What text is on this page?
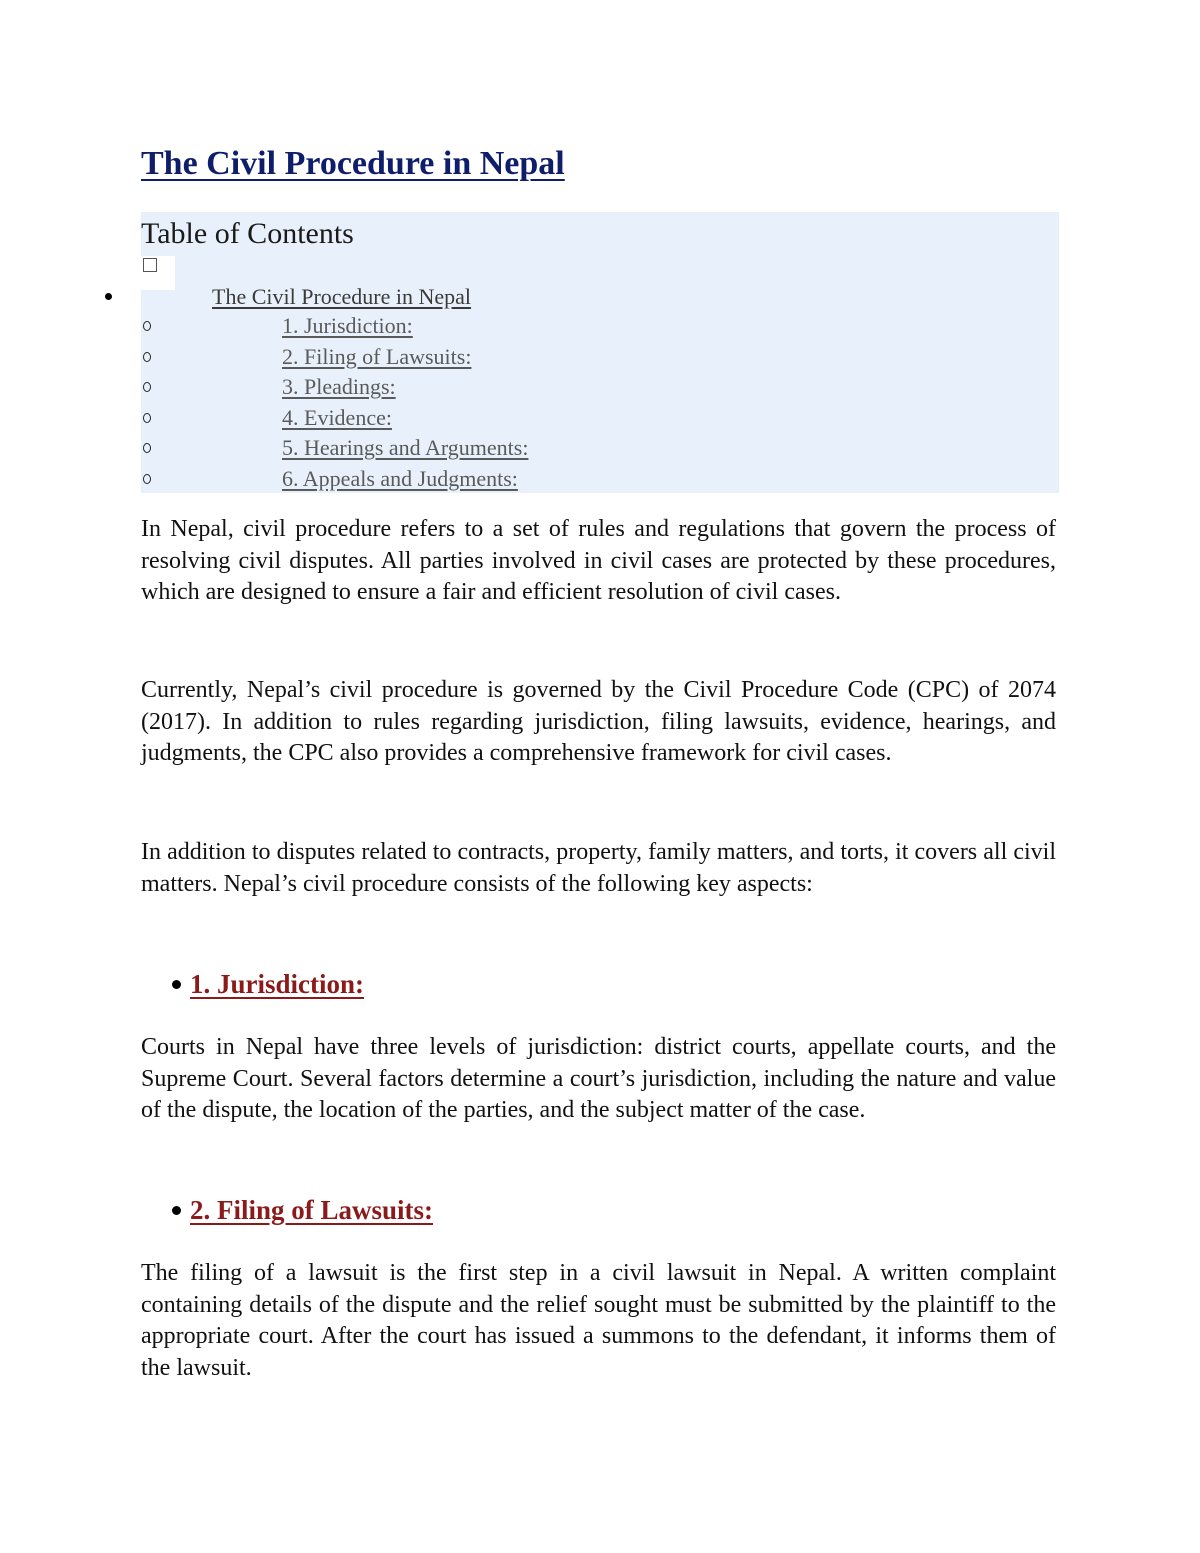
The Civil Procedure in Nepal
Table of Contents
The Civil Procedure in Nepal
1. Jurisdiction:
2. Filing of Lawsuits:
3. Pleadings:
4. Evidence:
5. Hearings and Arguments:
6. Appeals and Judgments:

In Nepal, civil procedure refers to a set of rules and regulations that govern the process of resolving civil disputes. All parties involved in civil cases are protected by these procedures, which are designed to ensure a fair and efficient resolution of civil cases.

Currently, Nepal’s civil procedure is governed by the Civil Procedure Code (CPC) of 2074 (2017). In addition to rules regarding jurisdiction, filing lawsuits, evidence, hearings, and judgments, the CPC also provides a comprehensive framework for civil cases.

In addition to disputes related to contracts, property, family matters, and torts, it covers all civil matters. Nepal’s civil procedure consists of the following key aspects:

1. Jurisdiction:

Courts in Nepal have three levels of jurisdiction: district courts, appellate courts, and the Supreme Court. Several factors determine a court’s jurisdiction, including the nature and value of the dispute, the location of the parties, and the subject matter of the case.

2. Filing of Lawsuits:

The filing of a lawsuit is the first step in a civil lawsuit in Nepal. A written complaint containing details of the dispute and the relief sought must be submitted by the plaintiff to the appropriate court. After the court has issued a summons to the defendant, it informs them of the lawsuit.
